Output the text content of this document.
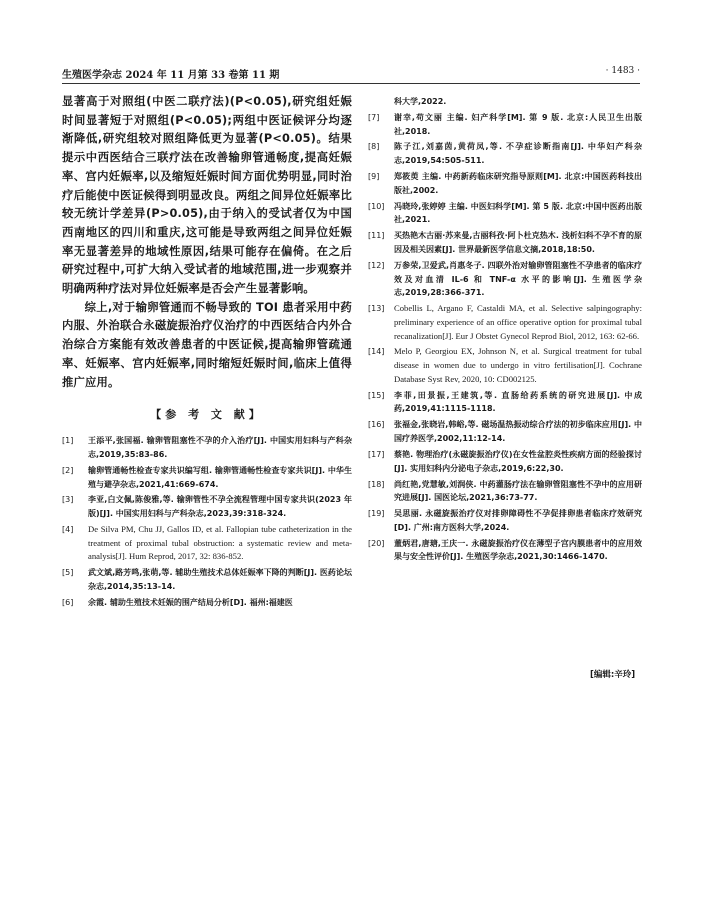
生殖医学杂志 2024 年 11 月第 33 卷第 11 期	· 1483 ·

显著高于对照组(中医二联疗法)(P<0.05),研究组妊娠时间显著短于对照组(P<0.05);两组中医证候评分均逐渐降低,研究组较对照组降低更为显著(P<0.05)。结果提示中西医结合三联疗法在改善输卵管通畅度,提高妊娠率、宫内妊娠率,以及缩短妊娠时间方面优势明显,同时治疗后能使中医证候得到明显改良。两组之间异位妊娠率比较无统计学差异(P>0.05),由于纳入的受试者仅为中国西南地区的四川和重庆,这可能是导致两组之间异位妊娠率无显著差异的地域性原因,结果可能存在偏倚。在之后研究过程中,可扩大纳入受试者的地域范围,进一步观察并明确两种疗法对异位妊娠率是否会产生显著影响。

综上,对于输卵管通而不畅导致的 TOI 患者采用中药内服、外治联合永磁旋振治疗仪治疗的中西医结合内外合治综合方案能有效改善患者的中医证候,提高输卵管疏通率、妊娠率、宫内妊娠率,同时缩短妊娠时间,临床上值得推广应用。

【参 考 文 献】
[1]	王添平,张国福. 输卵管阻塞性不孕的介入治疗[J]. 中国实用妇科与产科杂志,2019,35:83-86.
[2]	输卵管通畅性检查专家共识编写组. 输卵管通畅性检查专家共识[J]. 中华生殖与避孕杂志,2021,41:669-674.
[3]	李亚,白文佩,陈俊雅,等. 输卵管性不孕全流程管理中国专家共识(2023 年版)[J]. 中国实用妇科与产科杂志,2023,39:318-324.
[4]	De Silva PM, Chu JJ, Gallos ID, et al. Fallopian tube catheterization in the treatment of proximal tubal obstruction: a systematic review and meta-analysis[J]. Hum Reprod, 2017, 32: 836-852.
[5]	武文斌,路芳鸣,张萌,等. 辅助生殖技术总体妊娠率下降的判断[J]. 医药论坛杂志,2014,35:13-14.
[6]	余霞. 辅助生殖技术妊娠的围产结局分析[D]. 福州:福建医
科大学,2022.
[7]	谢幸,苟文丽 主编. 妇产科学[M]. 第 9 版. 北京:人民卫生出版社,2018.
[8]	陈子江,刘嘉茵,黄荷凤,等. 不孕症诊断指南[J]. 中华妇产科杂志,2019,54:505-511.
[9]	郑筱萸 主编. 中药新药临床研究指导原则[M]. 北京:中国医药科技出版社,2002.
[10]	冯晓玲,张婷婷 主编. 中医妇科学[M]. 第 5 版. 北京:中国中医药出版社,2021.
[11]	买热艳木古丽·苏来曼,古丽科孜·阿卜杜克热木. 浅析妇科不孕不育的原因及相关因素[J]. 世界最新医学信息文摘,2018,18:50.
[12]	万参荣,卫爱武,肖惠冬子. 四联外治对输卵管阻塞性不孕患者的临床疗效及对血清 IL-6 和 TNF-α 水平的影响[J]. 生殖医学杂志,2019,28:366-371.
[13]	Cobellis L, Argano F, Castaldi MA, et al. Selective salpingography: preliminary experience of an office operative option for proximal tubal recanalization[J]. Eur J Obstet Gynecol Reprod Biol, 2012, 163: 62-66.
[14]	Melo P, Georgiou EX, Johnson N, et al. Surgical treatment for tubal disease in women due to undergo in vitro fertilisation[J]. Cochrane Database Syst Rev, 2020, 10: CD002125.
[15]	李菲,田景振,王建筑,等. 直肠给药系统的研究进展[J]. 中成药,2019,41:1115-1118.
[16]	张福金,张晓岩,韩峪,等. 磁场温热振动综合疗法的初步临床应用[J]. 中国疗养医学,2002,11:12-14.
[17]	蔡艳. 物理治疗(永磁旋振治疗仪)在女性盆腔炎性疾病方面的经验探讨[J]. 实用妇科内分泌电子杂志,2019,6:22,30.
[18]	尚红艳,党慧敏,刘润侠. 中药灌肠疗法在输卵管阻塞性不孕中的应用研究进展[J]. 国医论坛,2021,36:73-77.
[19]	吴思丽. 永磁旋振治疗仪对排卵障碍性不孕促排卵患者临床疗效研究[D]. 广州:南方医科大学,2024.
[20]	董炳君,唐瑭,王庆一. 永磁旋振治疗仪在薄型子宫内膜患者中的应用效果与安全性评价[J]. 生殖医学杂志,2021,30:1466-1470.
[编辑:辛玲]
